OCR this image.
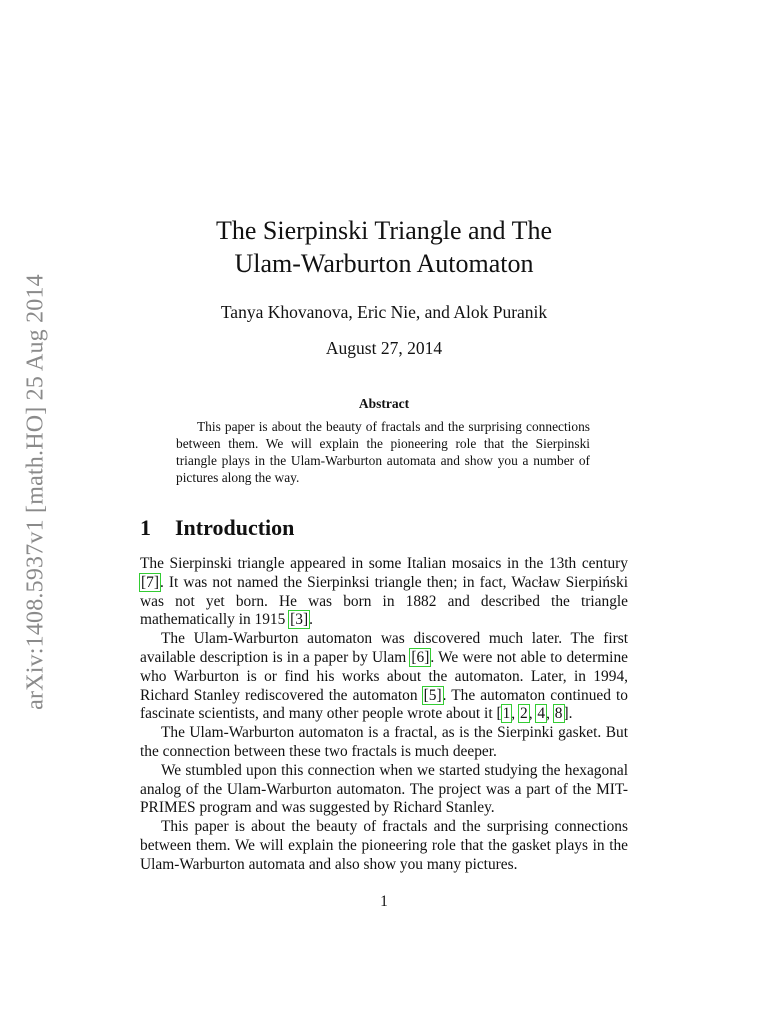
arXiv:1408.5937v1 [math.HO] 25 Aug 2014
The Sierpinski Triangle and The
Ulam-Warburton Automaton
Tanya Khovanova, Eric Nie, and Alok Puranik
August 27, 2014
Abstract
This paper is about the beauty of fractals and the surprising connections between them. We will explain the pioneering role that the Sierpinski triangle plays in the Ulam-Warburton automata and show you a number of pictures along the way.
1 Introduction

The Sierpinski triangle appeared in some Italian mosaics in the 13th century [7]. It was not named the Sierpinksi triangle then; in fact, Wacław Sierpiński was not yet born. He was born in 1882 and described the triangle mathematically in 1915 [3].

The Ulam-Warburton automaton was discovered much later. The first available description is in a paper by Ulam [6]. We were not able to determine who Warburton is or find his works about the automaton. Later, in 1994, Richard Stanley rediscovered the automaton [5]. The automaton continued to fascinate scientists, and many other people wrote about it [1, 2, 4, 8].

The Ulam-Warburton automaton is a fractal, as is the Sierpinki gasket. But the connection between these two fractals is much deeper.

We stumbled upon this connection when we started studying the hexagonal analog of the Ulam-Warburton automaton. The project was a part of the MIT-PRIMES program and was suggested by Richard Stanley.

This paper is about the beauty of fractals and the surprising connections between them. We will explain the pioneering role that the gasket plays in the Ulam-Warburton automata and also show you many pictures.

1
